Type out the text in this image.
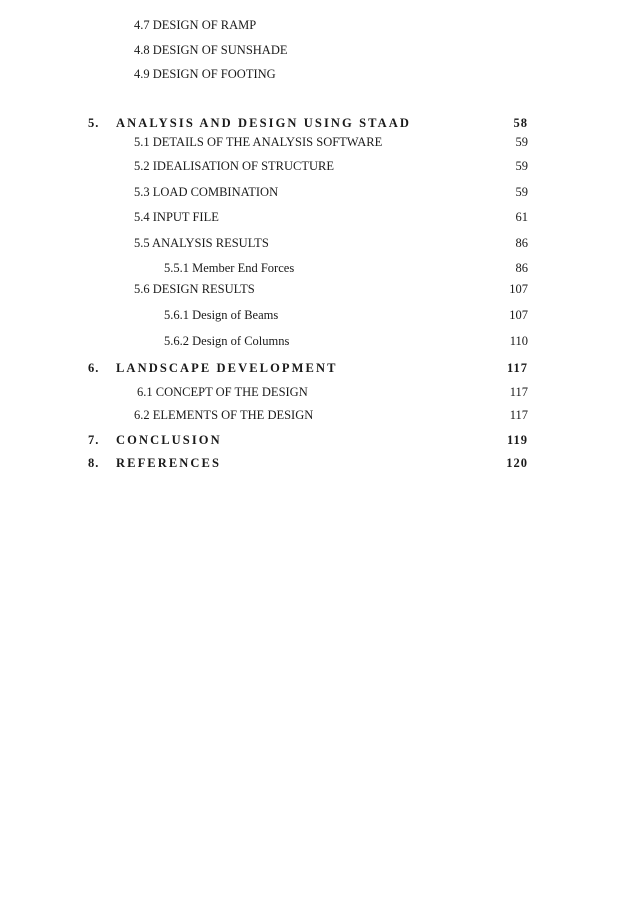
4.7 DESIGN OF RAMP
4.8 DESIGN OF SUNSHADE
4.9 DESIGN OF FOOTING
5. ANALYSIS AND DESIGN USING STAAD	58
5.1 DETAILS OF THE ANALYSIS SOFTWARE	59
5.2 IDEALISATION OF STRUCTURE	59
5.3 LOAD COMBINATION	59
5.4 INPUT FILE	61
5.5 ANALYSIS RESULTS	86
5.5.1 Member End Forces	86
5.6 DESIGN RESULTS	107
5.6.1 Design of Beams	107
5.6.2 Design of Columns	110
6. LANDSCAPE DEVELOPMENT	117
6.1 CONCEPT OF THE DESIGN	117
6.2 ELEMENTS OF THE DESIGN	117
7. CONCLUSION	119
8. REFERENCES	120
